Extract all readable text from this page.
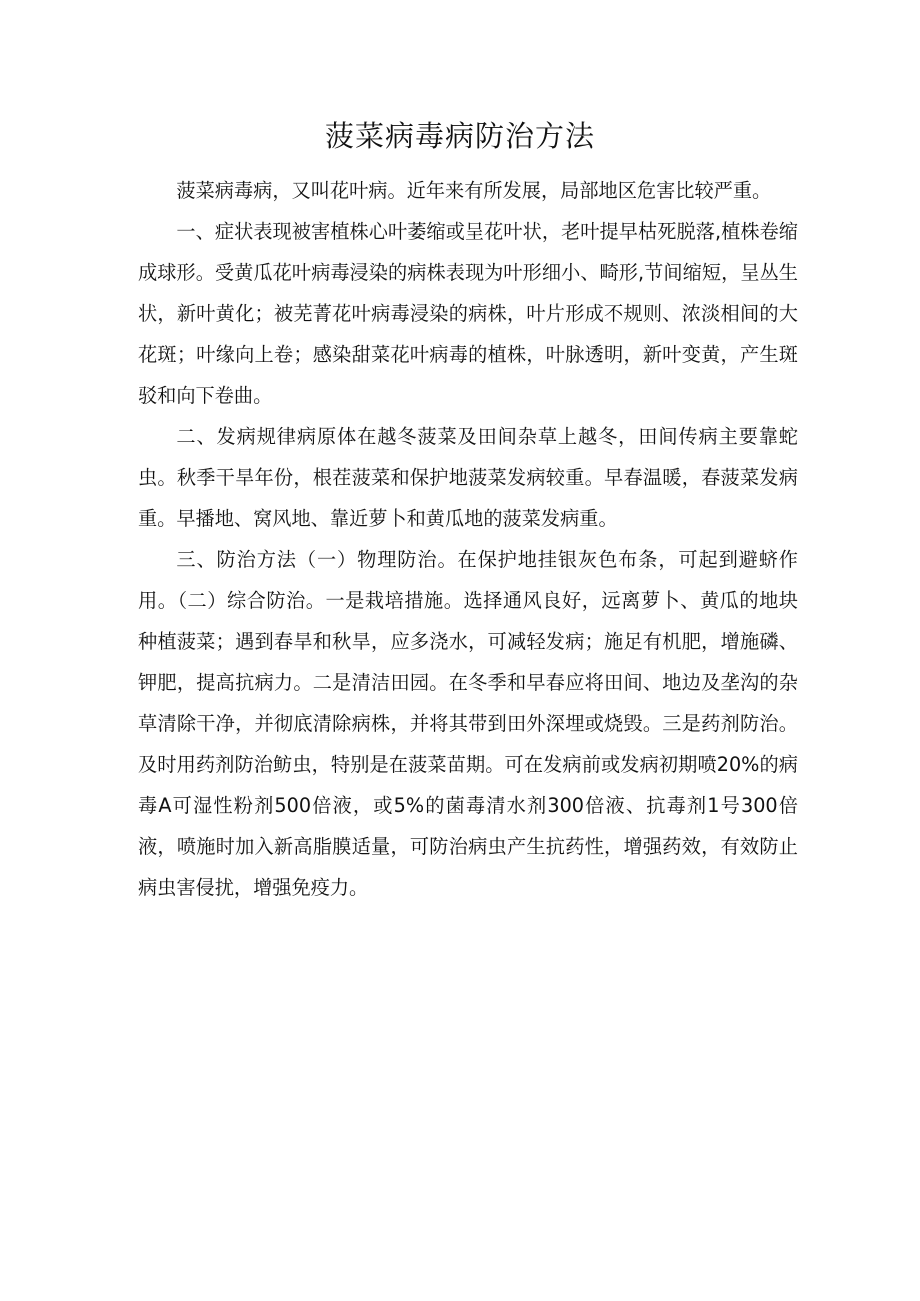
菠菜病毒病防治方法

菠菜病毒病，又叫花叶病。近年来有所发展，局部地区危害比较严重。

一、症状表现被害植株心叶萎缩或呈花叶状，老叶提早枯死脱落,植株卷缩成球形。受黄瓜花叶病毒浸染的病株表现为叶形细小、畸形,节间缩短，呈丛生状，新叶黄化；被芜菁花叶病毒浸染的病株，叶片形成不规则、浓淡相间的大花斑；叶缘向上卷；感染甜菜花叶病毒的植株，叶脉透明，新叶变黄，产生斑驳和向下卷曲。

二、发病规律病原体在越冬菠菜及田间杂草上越冬，田间传病主要靠蛇虫。秋季干旱年份，根茬菠菜和保护地菠菜发病较重。早春温暖，春菠菜发病重。早播地、窝风地、靠近萝卜和黄瓜地的菠菜发病重。

三、防治方法（一）物理防治。在保护地挂银灰色布条，可起到避蛴作用。（二）综合防治。一是栽培措施。选择通风良好，远离萝卜、黄瓜的地块种植菠菜；遇到春旱和秋旱，应多浇水，可减轻发病；施足有机肥，增施磷、钾肥，提高抗病力。二是清洁田园。在冬季和早春应将田间、地边及垄沟的杂草清除干净，并彻底清除病株，并将其带到田外深埋或烧毁。三是药剂防治。及时用药剂防治鲂虫，特别是在菠菜苗期。可在发病前或发病初期喷20%的病毒A可湿性粉剂500倍液，或5%的菌毒清水剂300倍液、抗毒剂1号300倍液，喷施时加入新高脂膜适量，可防治病虫产生抗药性，增强药效，有效防止病虫害侵扰，增强免疫力。
